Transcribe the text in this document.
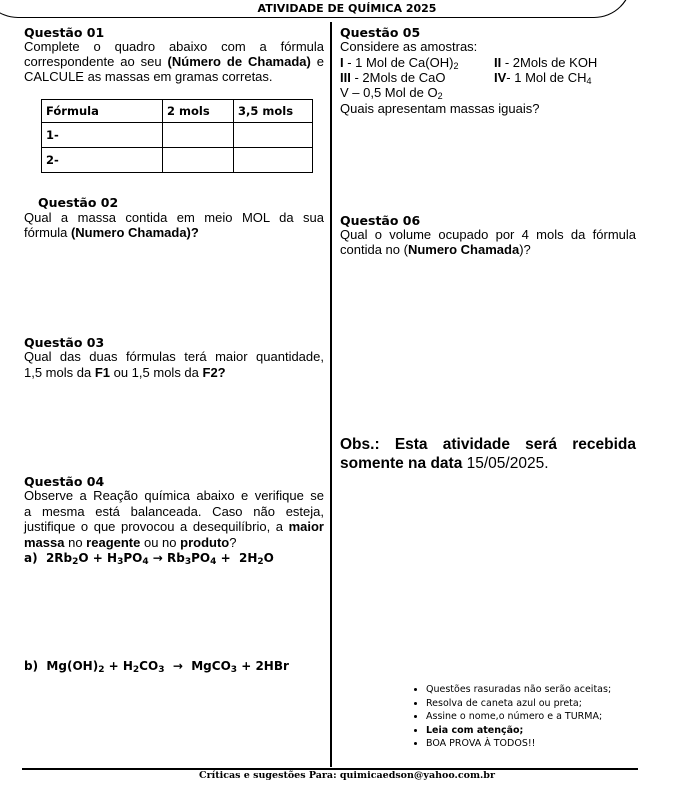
ATIVIDADE DE QUÍMICA 2025
Questão 01
Complete o quadro abaixo com a fórmula
correspondente ao seu (Número de Chamada) e
CALCULE as massas em gramas corretas.
Fórmula	2 mols	3,5 mols
1-		
2-		
Questão 02
Qual a massa contida em meio MOL da sua
fórmula (Numero Chamada)?
Questão 03
Qual das duas fórmulas terá maior quantidade,
1,5 mols da F1 ou 1,5 mols da F2?
Questão 04
Observe a Reação química abaixo e verifique se
a mesma está balanceada. Caso não esteja,
justifique o que provocou a desequilíbrio, a maior
massa no reagente ou no produto?
a)  $2Rb_2O + H_3PO_4 \to Rb_3PO_4 + 2H_2O$
b)  $Mg(OH)_2 + H_2CO_3$ →  MgCO$_3$ + 2HBr
Questão 05
Considere as amostras:
I - 1 Mol de $Ca(OH)_2$	II - 2Mols de KOH
III - 2Mols de CaO	IV- 1 Mol de $CH_4$
V – 0,5 Mol de $O_2$
Quais apresentam massas iguais?
Questão 06
Qual o volume ocupado por 4 mols da fórmula
contida no (Numero Chamada)?
Obs.: Esta atividade será recebida
somente na data 15/05/2025.
• Questões rasuradas não serão aceitas;
• Resolva de caneta azul ou preta;
• Assine o nome,o número e a TURMA;
• Leia com atenção;
• BOA PROVA À TODOS!!
Críticas e sugestões Para: quimicaedson@yahoo.com.br
